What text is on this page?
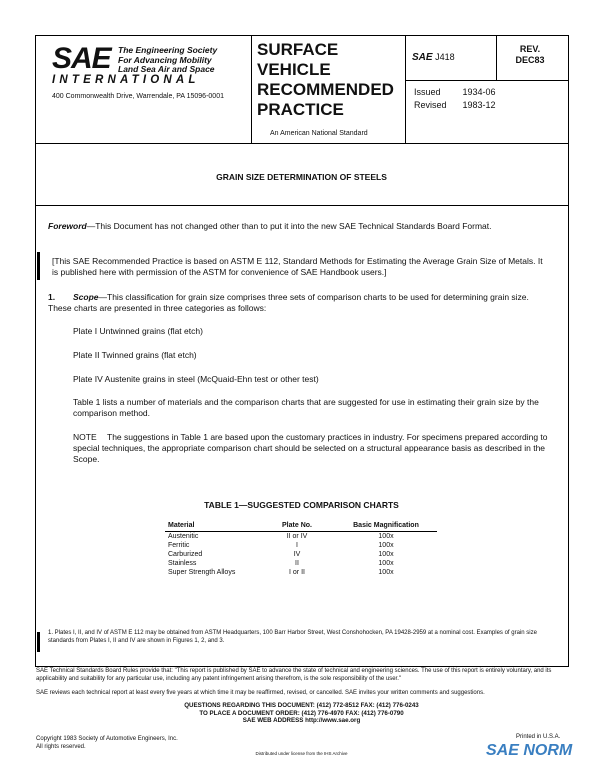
SAE The Engineering Society
For Advancing Mobility
Land Sea Air and Space
INTERNATIONAL
400 Commonwealth Drive, Warrendale, PA 15096-0001
SURFACE
VEHICLE
RECOMMENDED
PRACTICE
An American National Standard
SAE J418
REV.
DEC83
Issued	1934-06
Revised	1983-12
GRAIN SIZE DETERMINATION OF STEELS
Foreword—This Document has not changed other than to put it into the new SAE Technical Standards Board Format.
[This SAE Recommended Practice is based on ASTM E 112, Standard Methods for Estimating the Average Grain Size of Metals. It is published here with permission of the ASTM for convenience of SAE Handbook users.]
1. Scope—This classification for grain size comprises three sets of comparison charts to be used for determining grain size. These charts are presented in three categories as follows:
Plate I Untwinned grains (flat etch)
Plate II Twinned grains (flat etch)
Plate IV Austenite grains in steel (McQuaid-Ehn test or other test)
Table 1 lists a number of materials and the comparison charts that are suggested for use in estimating their grain size by the comparison method.
NOTE The suggestions in Table 1 are based upon the customary practices in industry. For specimens prepared according to special techniques, the appropriate comparison chart should be selected on a structural appearance basis as described in the Scope.
TABLE 1—SUGGESTED COMPARISON CHARTS
Material	Plate No.	Basic Magnification
Austenitic	II or IV	100x
Ferritic	I	100x
Carburized	IV	100x
Stainless	II	100x
Super Strength Alloys	I or II	100x
1. Plates I, II, and IV of ASTM E 112 may be obtained from ASTM Headquarters, 100 Barr Harbor Street, West Conshohocken, PA 19428-2959 at a nominal cost. Examples of grain size standards from Plates I, II and IV are shown in Figures 1, 2, and 3.
SAE Technical Standards Board Rules provide that: "This report is published by SAE to advance the state of technical and engineering sciences. The use of this report is entirely voluntary, and its applicability and suitability for any particular use, including any patent infringement arising therefrom, is the sole responsibility of the user."
SAE reviews each technical report at least every five years at which time it may be reaffirmed, revised, or cancelled. SAE invites your written comments and suggestions.
QUESTIONS REGARDING THIS DOCUMENT: (412) 772-8512 FAX: (412) 776-0243
TO PLACE A DOCUMENT ORDER: (412) 776-4970 FAX: (412) 776-0790
SAE WEB ADDRESS http://www.sae.org
Copyright 1983 Society of Automotive Engineers, Inc.
All rights reserved.
Distributed under license from the IHS Archive
Printed in U.S.A.
SAE NORM
